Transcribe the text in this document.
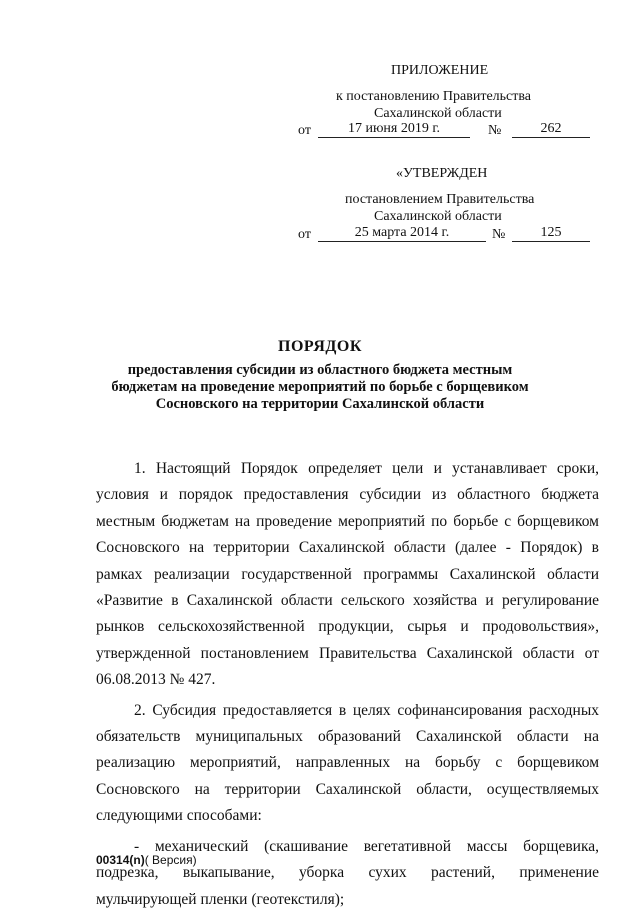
ПРИЛОЖЕНИЕ
к постановлению Правительства
Сахалинской области
от	17 июня 2019 г.	№	262
«УТВЕРЖДЕН
постановлением Правительства
Сахалинской области
от	25 марта 2014 г.	№	125
ПОРЯДОК
предоставления субсидии из областного бюджета местным
бюджетам на проведение мероприятий по борьбе с борщевиком
Сосновского на территории Сахалинской области

1. Настоящий Порядок определяет цели и устанавливает сроки, условия и порядок предоставления субсидии из областного бюджета местным бюджетам на проведение мероприятий по борьбе с борщевиком Сосновского на территории Сахалинской области (далее - Порядок) в рамках реализации государственной программы Сахалинской области «Развитие в Сахалинской области сельского хозяйства и регулирование рынков сельскохозяйственной продукции, сырья и продовольствия», утвержденной постановлением Правительства Сахалинской области от 06.08.2013 № 427.

2. Субсидия предоставляется в целях софинансирования расходных обязательств муниципальных образований Сахалинской области на реализацию мероприятий, направленных на борьбу с борщевиком Сосновского на территории Сахалинской области, осуществляемых следующими способами:

- механический (скашивание вегетативной массы борщевика, подрезка, выкапывание, уборка сухих растений, применение мульчирующей пленки (геотекстиля);

00314(n)( Версия)
